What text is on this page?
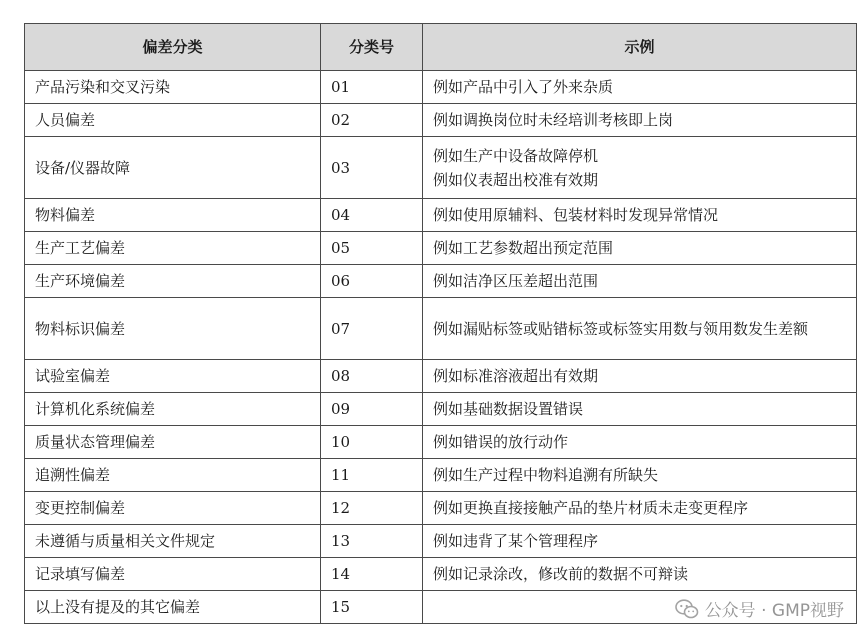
偏差分类	分类号	示例
产品污染和交叉污染	01	例如产品中引入了外来杂质

人员偏差	02	例如调换岗位时未经培训考核即上岗

设备/仪器故障	03	例如生产中设备故障停机
例如仪表超出校准有效期

物料偏差	04	例如使用原辅料、包装材料时发现异常情况

生产工艺偏差	05	例如工艺参数超出预定范围

生产环境偏差	06	例如洁净区压差超出范围

物料标识偏差	07	例如漏贴标签或贴错标签或标签实用数与领用数发生差额

试验室偏差	08	例如标准溶液超出有效期

计算机化系统偏差	09	例如基础数据设置错误

质量状态管理偏差	10	例如错误的放行动作

追溯性偏差	11	例如生产过程中物料追溯有所缺失

变更控制偏差	12	例如更换直接接触产品的垫片材质未走变更程序

未遵循与质量相关文件规定	13	例如违背了某个管理程序

记录填写偏差	14	例如记录涂改，修改前的数据不可辩读

以上没有提及的其它偏差	15		公众号 · GMP视野
